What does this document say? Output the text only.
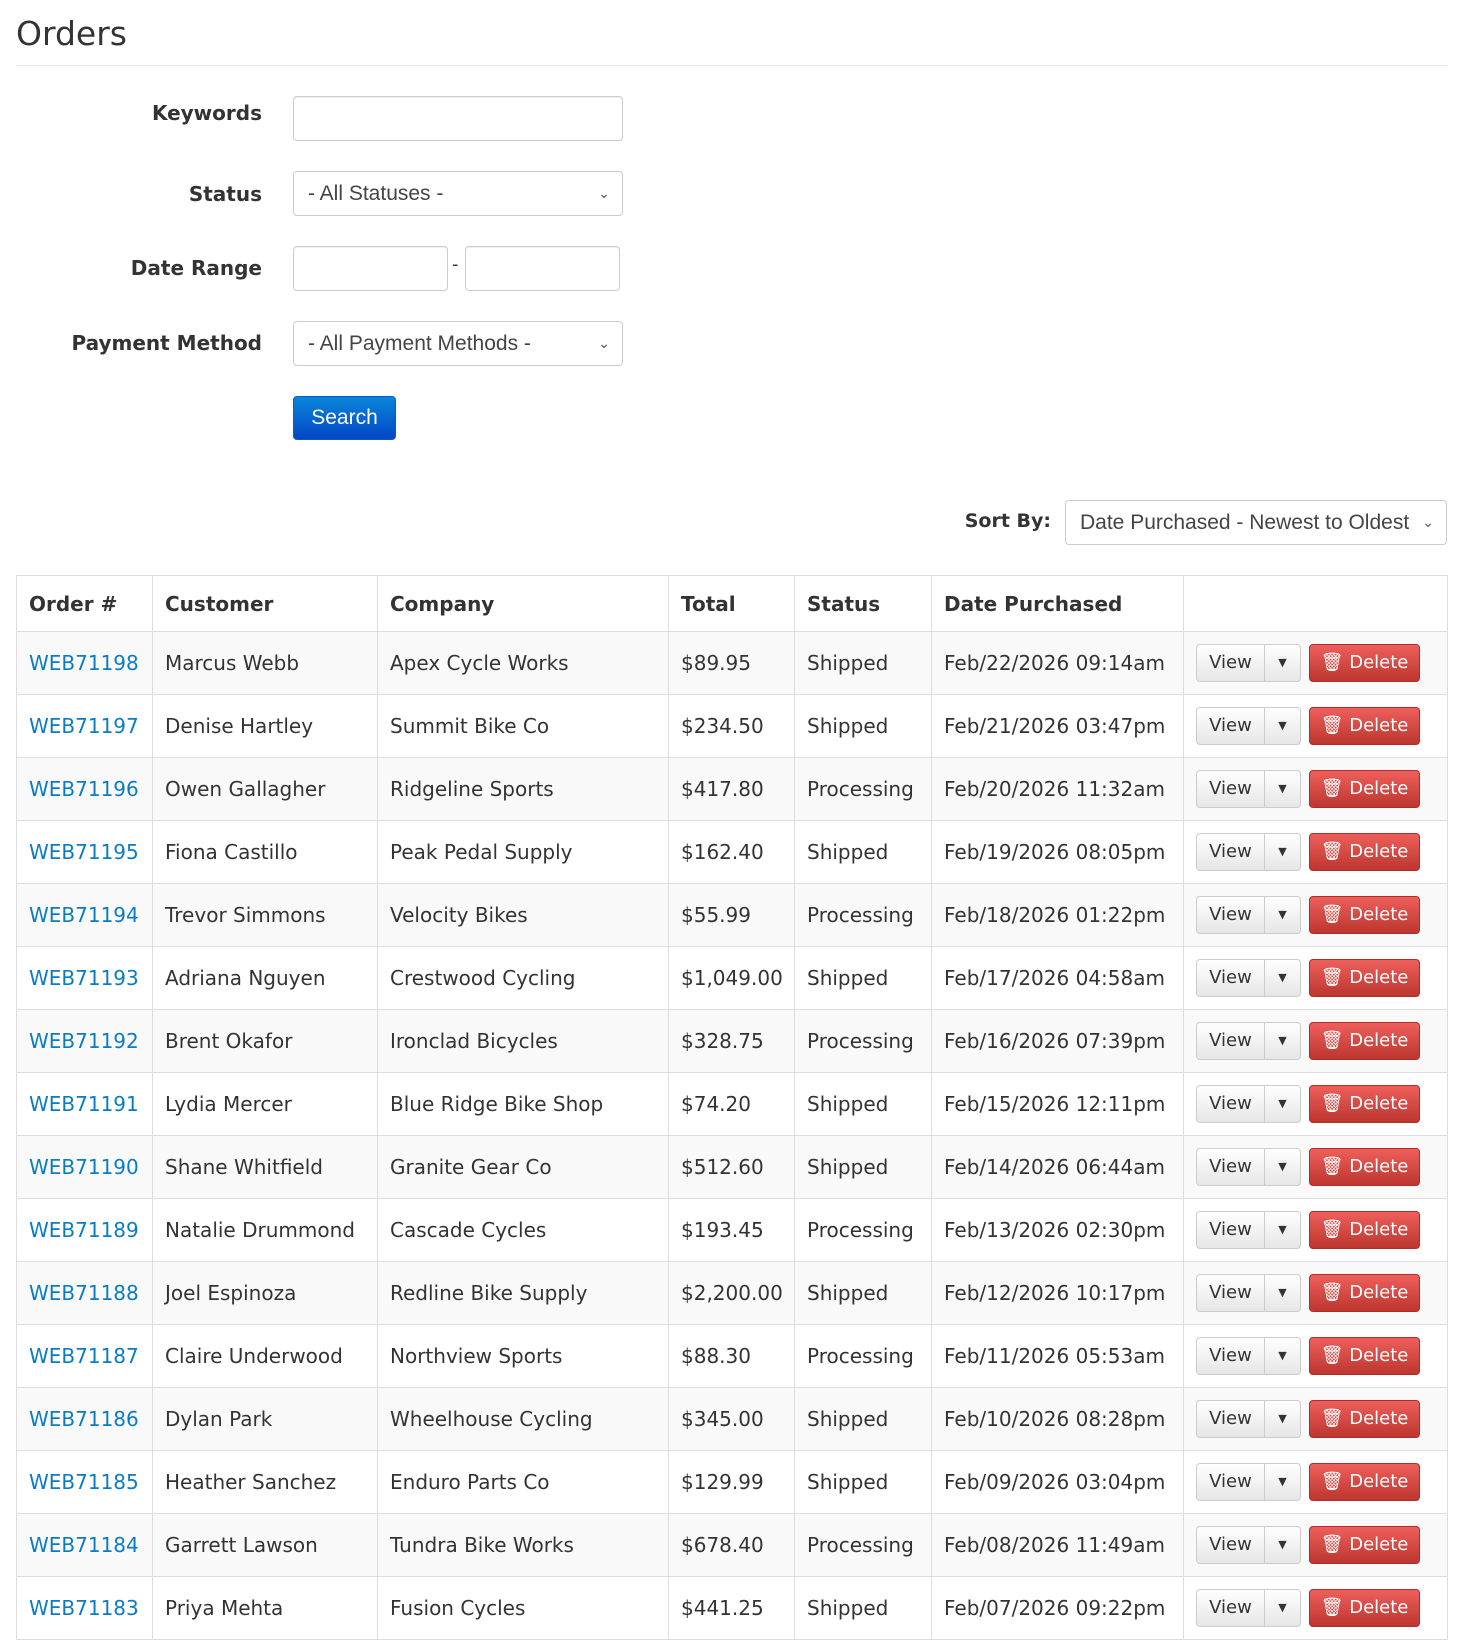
Orders
Keywords
Status	- All Statuses -	⌄
Date Range	-
Payment Method	- All Payment Methods -	⌄
Search
Sort By:	Date Purchased - Newest to Oldest ⌄
Order #	Customer	Company	Total	Status	Date Purchased	
WEB71198	Marcus Webb	Apex Cycle Works	$89.95	Shipped	Feb/22/2026 09:14am	View ▼ 🗑 Delete
WEB71197	Denise Hartley	Summit Bike Co	$234.50	Shipped	Feb/21/2026 03:47pm	View ▼ 🗑 Delete
WEB71196	Owen Gallagher	Ridgeline Sports	$417.80	Processing	Feb/20/2026 11:32am	View ▼ 🗑 Delete
WEB71195	Fiona Castillo	Peak Pedal Supply	$162.40	Shipped	Feb/19/2026 08:05pm	View ▼ 🗑 Delete
WEB71194	Trevor Simmons	Velocity Bikes	$55.99	Processing	Feb/18/2026 01:22pm	View ▼ 🗑 Delete
WEB71193	Adriana Nguyen	Crestwood Cycling	$1,049.00	Shipped	Feb/17/2026 04:58am	View ▼ 🗑 Delete
WEB71192	Brent Okafor	Ironclad Bicycles	$328.75	Processing	Feb/16/2026 07:39pm	View ▼ 🗑 Delete
WEB71191	Lydia Mercer	Blue Ridge Bike Shop	$74.20	Shipped	Feb/15/2026 12:11pm	View ▼ 🗑 Delete
WEB71190	Shane Whitfield	Granite Gear Co	$512.60	Shipped	Feb/14/2026 06:44am	View ▼ 🗑 Delete
WEB71189	Natalie Drummond	Cascade Cycles	$193.45	Processing	Feb/13/2026 02:30pm	View ▼ 🗑 Delete
WEB71188	Joel Espinoza	Redline Bike Supply	$2,200.00	Shipped	Feb/12/2026 10:17pm	View ▼ 🗑 Delete
WEB71187	Claire Underwood	Northview Sports	$88.30	Processing	Feb/11/2026 05:53am	View ▼ 🗑 Delete
WEB71186	Dylan Park	Wheelhouse Cycling	$345.00	Shipped	Feb/10/2026 08:28pm	View ▼ 🗑 Delete
WEB71185	Heather Sanchez	Enduro Parts Co	$129.99	Shipped	Feb/09/2026 03:04pm	View ▼ 🗑 Delete
WEB71184	Garrett Lawson	Tundra Bike Works	$678.40	Processing	Feb/08/2026 11:49am	View ▼ 🗑 Delete
WEB71183	Priya Mehta	Fusion Cycles	$441.25	Shipped	Feb/07/2026 09:22pm	View ▼ 🗑 Delete
